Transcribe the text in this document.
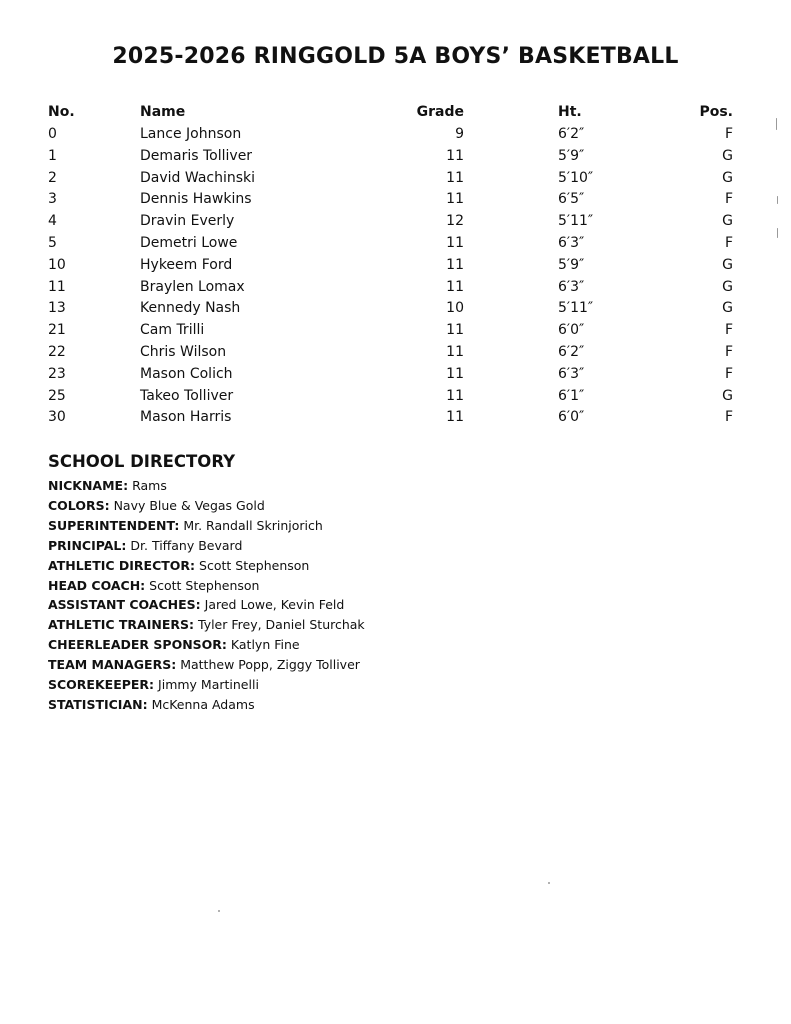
2025-2026 RINGGOLD 5A BOYS’ BASKETBALL
No.	Name	Grade	Ht.	Pos.
0	Lance Johnson	9	6′2″	F
1	Demaris Tolliver	11	5′9″	G
2	David Wachinski	11	5′10″	G
3	Dennis Hawkins	11	6′5″	F
4	Dravin Everly	12	5′11″	G
5	Demetri Lowe	11	6′3″	F
10	Hykeem Ford	11	5′9″	G
11	Braylen Lomax	11	6′3″	G
13	Kennedy Nash	10	5′11″	G
21	Cam Trilli	11	6′0″	F
22	Chris Wilson	11	6′2″	F
23	Mason Colich	11	6′3″	F
25	Takeo Tolliver	11	6′1″	G
30	Mason Harris	11	6′0″	F
SCHOOL DIRECTORY
NICKNAME: Rams
COLORS: Navy Blue & Vegas Gold
SUPERINTENDENT: Mr. Randall Skrinjorich
PRINCIPAL: Dr. Tiffany Bevard
ATHLETIC DIRECTOR: Scott Stephenson
HEAD COACH: Scott Stephenson
ASSISTANT COACHES: Jared Lowe, Kevin Feld
ATHLETIC TRAINERS: Tyler Frey, Daniel Sturchak
CHEERLEADER SPONSOR: Katlyn Fine
TEAM MANAGERS: Matthew Popp, Ziggy Tolliver
SCOREKEEPER: Jimmy Martinelli
STATISTICIAN: McKenna Adams
